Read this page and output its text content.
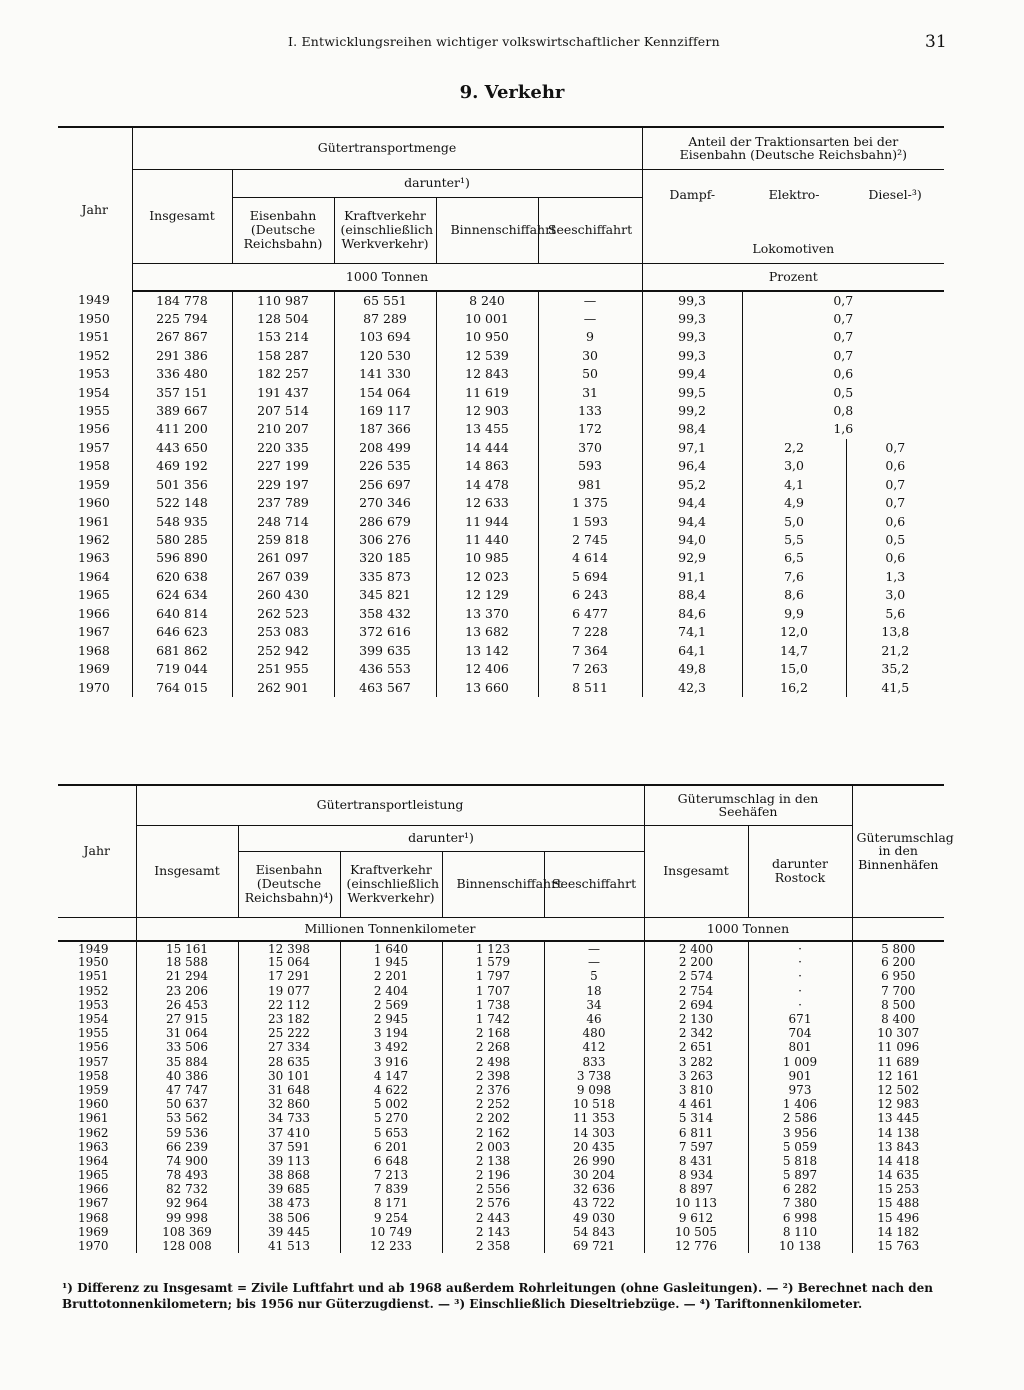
I. Entwicklungsreihen wichtiger volkswirtschaftlicher Kennziffern	31
9. Verkehr
Jahr	Gütertransportmenge					Anteil der Traktionsarten bei der Eisenbahn (Deutsche Reichsbahn)²)		
	Insgesamt	darunter¹)				Dampf-	Elektro-	Diesel-³)
		Eisenbahn (Deutsche Reichsbahn)	Kraftverkehr (einschließlich Werkverkehr)	Binnenschiffahrt	Seeschiffahrt			
	1000 Tonnen					Lokomotiven
Prozent		
1949	184 778	110 987	65 551	8 240	—	99,3	0,7	
1950	225 794	128 504	87 289	10 001	—	99,3	0,7	
1951	267 867	153 214	103 694	10 950	9	99,3	0,7	
1952	291 386	158 287	120 530	12 539	30	99,3	0,7	
1953	336 480	182 257	141 330	12 843	50	99,4	0,6	
1954	357 151	191 437	154 064	11 619	31	99,5	0,5	
1955	389 667	207 514	169 117	12 903	133	99,2	0,8	
1956	411 200	210 207	187 366	13 455	172	98,4	1,6	
1957	443 650	220 335	208 499	14 444	370	97,1	2,2	0,7
1958	469 192	227 199	226 535	14 863	593	96,4	3,0	0,6
1959	501 356	229 197	256 697	14 478	981	95,2	4,1	0,7
1960	522 148	237 789	270 346	12 633	1 375	94,4	4,9	0,7
1961	548 935	248 714	286 679	11 944	1 593	94,4	5,0	0,6
1962	580 285	259 818	306 276	11 440	2 745	94,0	5,5	0,5
1963	596 890	261 097	320 185	10 985	4 614	92,9	6,5	0,6
1964	620 638	267 039	335 873	12 023	5 694	91,1	7,6	1,3
1965	624 634	260 430	345 821	12 129	6 243	88,4	8,6	3,0
1966	640 814	262 523	358 432	13 370	6 477	84,6	9,9	5,6
1967	646 623	253 083	372 616	13 682	7 228	74,1	12,0	13,8
1968	681 862	252 942	399 635	13 142	7 364	64,1	14,7	21,2
1969	719 044	251 955	436 553	12 406	7 263	49,8	15,0	35,2
1970	764 015	262 901	463 567	13 660	8 511	42,3	16,2	41,5
Jahr	Gütertransportleistung					Güterumschlag in den Seehäfen		Güterumschlag in den Binnenhäfen
	Insgesamt	darunter¹)				Insgesamt	darunter Rostock	
		Eisenbahn (Deutsche Reichsbahn)⁴)	Kraftverkehr (einschließlich Werkverkehr)	Binnenschiffahrt	Seeschiffahrt			
	Millionen Tonnenkilometer					1000 Tonnen		
1949	15 161	12 398	1 640	1 123	—	2 400	·	5 800
1950	18 588	15 064	1 945	1 579	—	2 200	·	6 200
1951	21 294	17 291	2 201	1 797	5	2 574	·	6 950
1952	23 206	19 077	2 404	1 707	18	2 754	·	7 700
1953	26 453	22 112	2 569	1 738	34	2 694	·	8 500
1954	27 915	23 182	2 945	1 742	46	2 130	671	8 400
1955	31 064	25 222	3 194	2 168	480	2 342	704	10 307
1956	33 506	27 334	3 492	2 268	412	2 651	801	11 096
1957	35 884	28 635	3 916	2 498	833	3 282	1 009	11 689
1958	40 386	30 101	4 147	2 398	3 738	3 263	901	12 161
1959	47 747	31 648	4 622	2 376	9 098	3 810	973	12 502
1960	50 637	32 860	5 002	2 252	10 518	4 461	1 406	12 983
1961	53 562	34 733	5 270	2 202	11 353	5 314	2 586	13 445
1962	59 536	37 410	5 653	2 162	14 303	6 811	3 956	14 138
1963	66 239	37 591	6 201	2 003	20 435	7 597	5 059	13 843
1964	74 900	39 113	6 648	2 138	26 990	8 431	5 818	14 418
1965	78 493	38 868	7 213	2 196	30 204	8 934	5 897	14 635
1966	82 732	39 685	7 839	2 556	32 636	8 897	6 282	15 253
1967	92 964	38 473	8 171	2 576	43 722	10 113	7 380	15 488
1968	99 998	38 506	9 254	2 443	49 030	9 612	6 998	15 496
1969	108 369	39 445	10 749	2 143	54 843	10 505	8 110	14 182
1970	128 008	41 513	12 233	2 358	69 721	12 776	10 138	15 763
¹) Differenz zu Insgesamt = Zivile Luftfahrt und ab 1968 außerdem Rohrleitungen (ohne Gasleitungen). — ²) Berechnet nach den Bruttotonnenkilometern; bis 1956 nur Güterzugdienst. — ³) Einschließlich Dieseltriebzüge. — ⁴) Tariftonnenkilometer.
